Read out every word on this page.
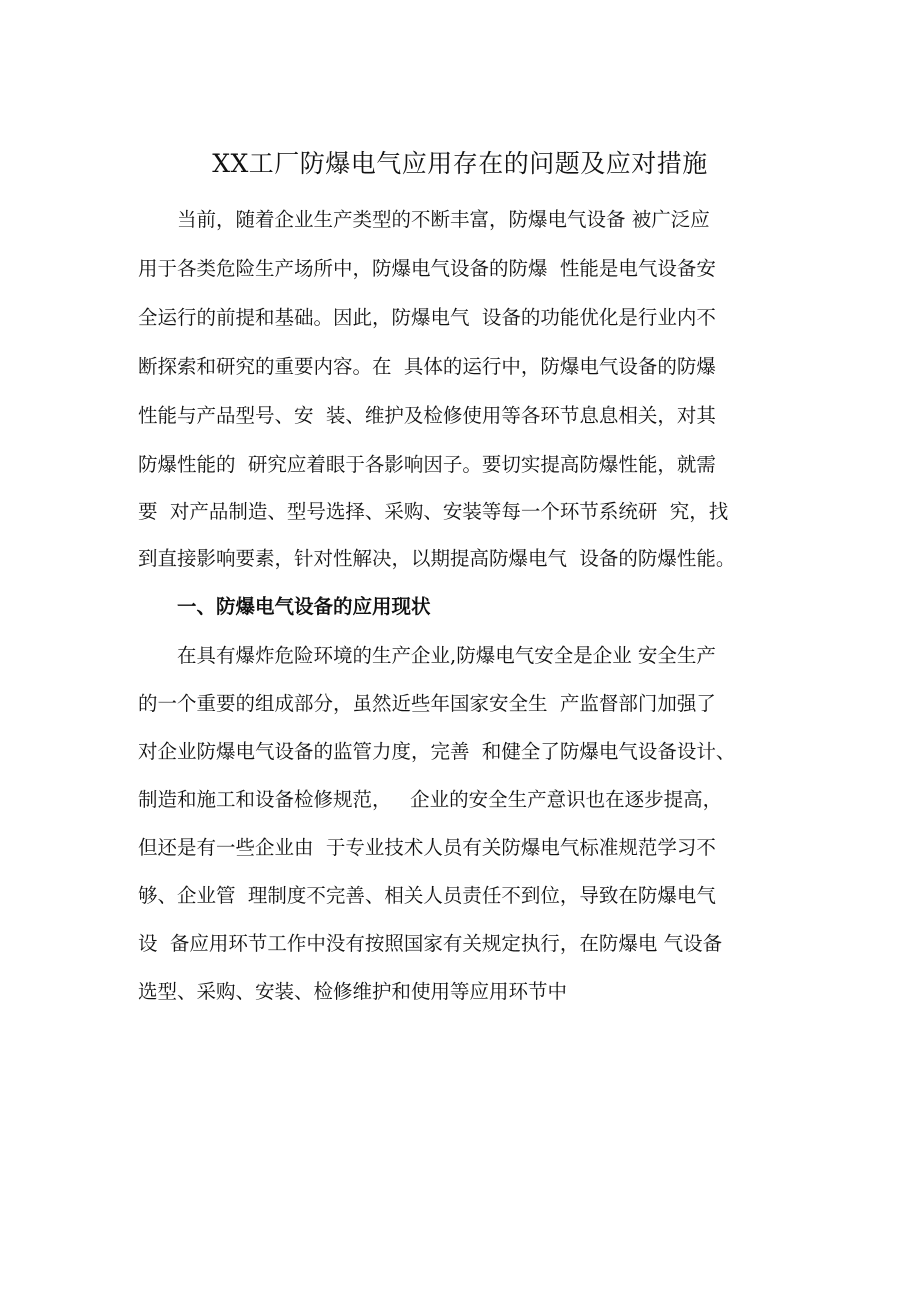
XX工厂防爆电气应用存在的问题及应对措施
当前，随着企业生产类型的不断丰富，防爆电气设备 被广泛应
用于各类危险生产场所中，防爆电气设备的防爆  性能是电气设备安
全运行的前提和基础。因此，防爆电气  设备的功能优化是行业内不
断探索和研究的重要内容。在  具体的运行中，防爆电气设备的防爆
性能与产品型号、安  装、维护及检修使用等各环节息息相关，对其
防爆性能的  研究应着眼于各影响因子。要切实提高防爆性能，就需
要  对产品制造、型号选择、采购、安装等每一个环节系统研  究，找
到直接影响要素，针对性解决，以期提高防爆电气  设备的防爆性能。
一、防爆电气设备的应用现状
在具有爆炸危险环境的生产企业,防爆电气安全是企业 安全生产
的一个重要的组成部分，虽然近些年国家安全生  产监督部门加强了
对企业防爆电气设备的监管力度，完善  和健全了防爆电气设备设计、
制造和施工和设备检修规范，   企业的安全生产意识也在逐步提高，
但还是有一些企业由  于专业技术人员有关防爆电气标准规范学习不
够、企业管  理制度不完善、相关人员责任不到位，导致在防爆电气
设  备应用环节工作中没有按照国家有关规定执行，在防爆电 气设备
选型、采购、安装、检修维护和使用等应用环节中
